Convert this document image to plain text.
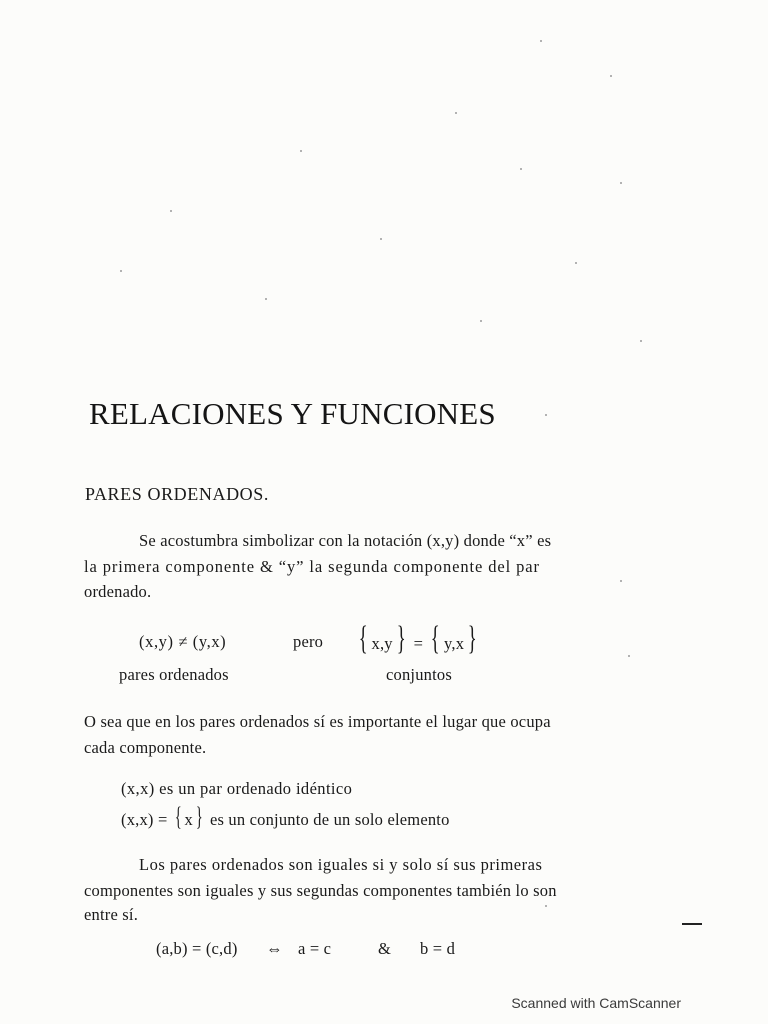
RELACIONES Y FUNCIONES
PARES ORDENADOS.
Se acostumbra simbolizar con la notación (x,y) donde “x” es
la primera componente & “y” la segunda componente del par
ordenado.
(x,y) ≠ (y,x)	pero { x,y } = { y,x }
pares ordenados	conjuntos
O sea que en los pares ordenados sí es importante el lugar que ocupa
cada componente.
(x,x) es un par ordenado idéntico
(x,x) = { x } es un conjunto de un solo elemento
Los pares ordenados son iguales si y solo sí sus primeras
componentes son iguales y sus segundas componentes también lo son
entre sí.
(a,b) = (c,d) ⇔ a = c	& b = d
Scanned with CamScanner
